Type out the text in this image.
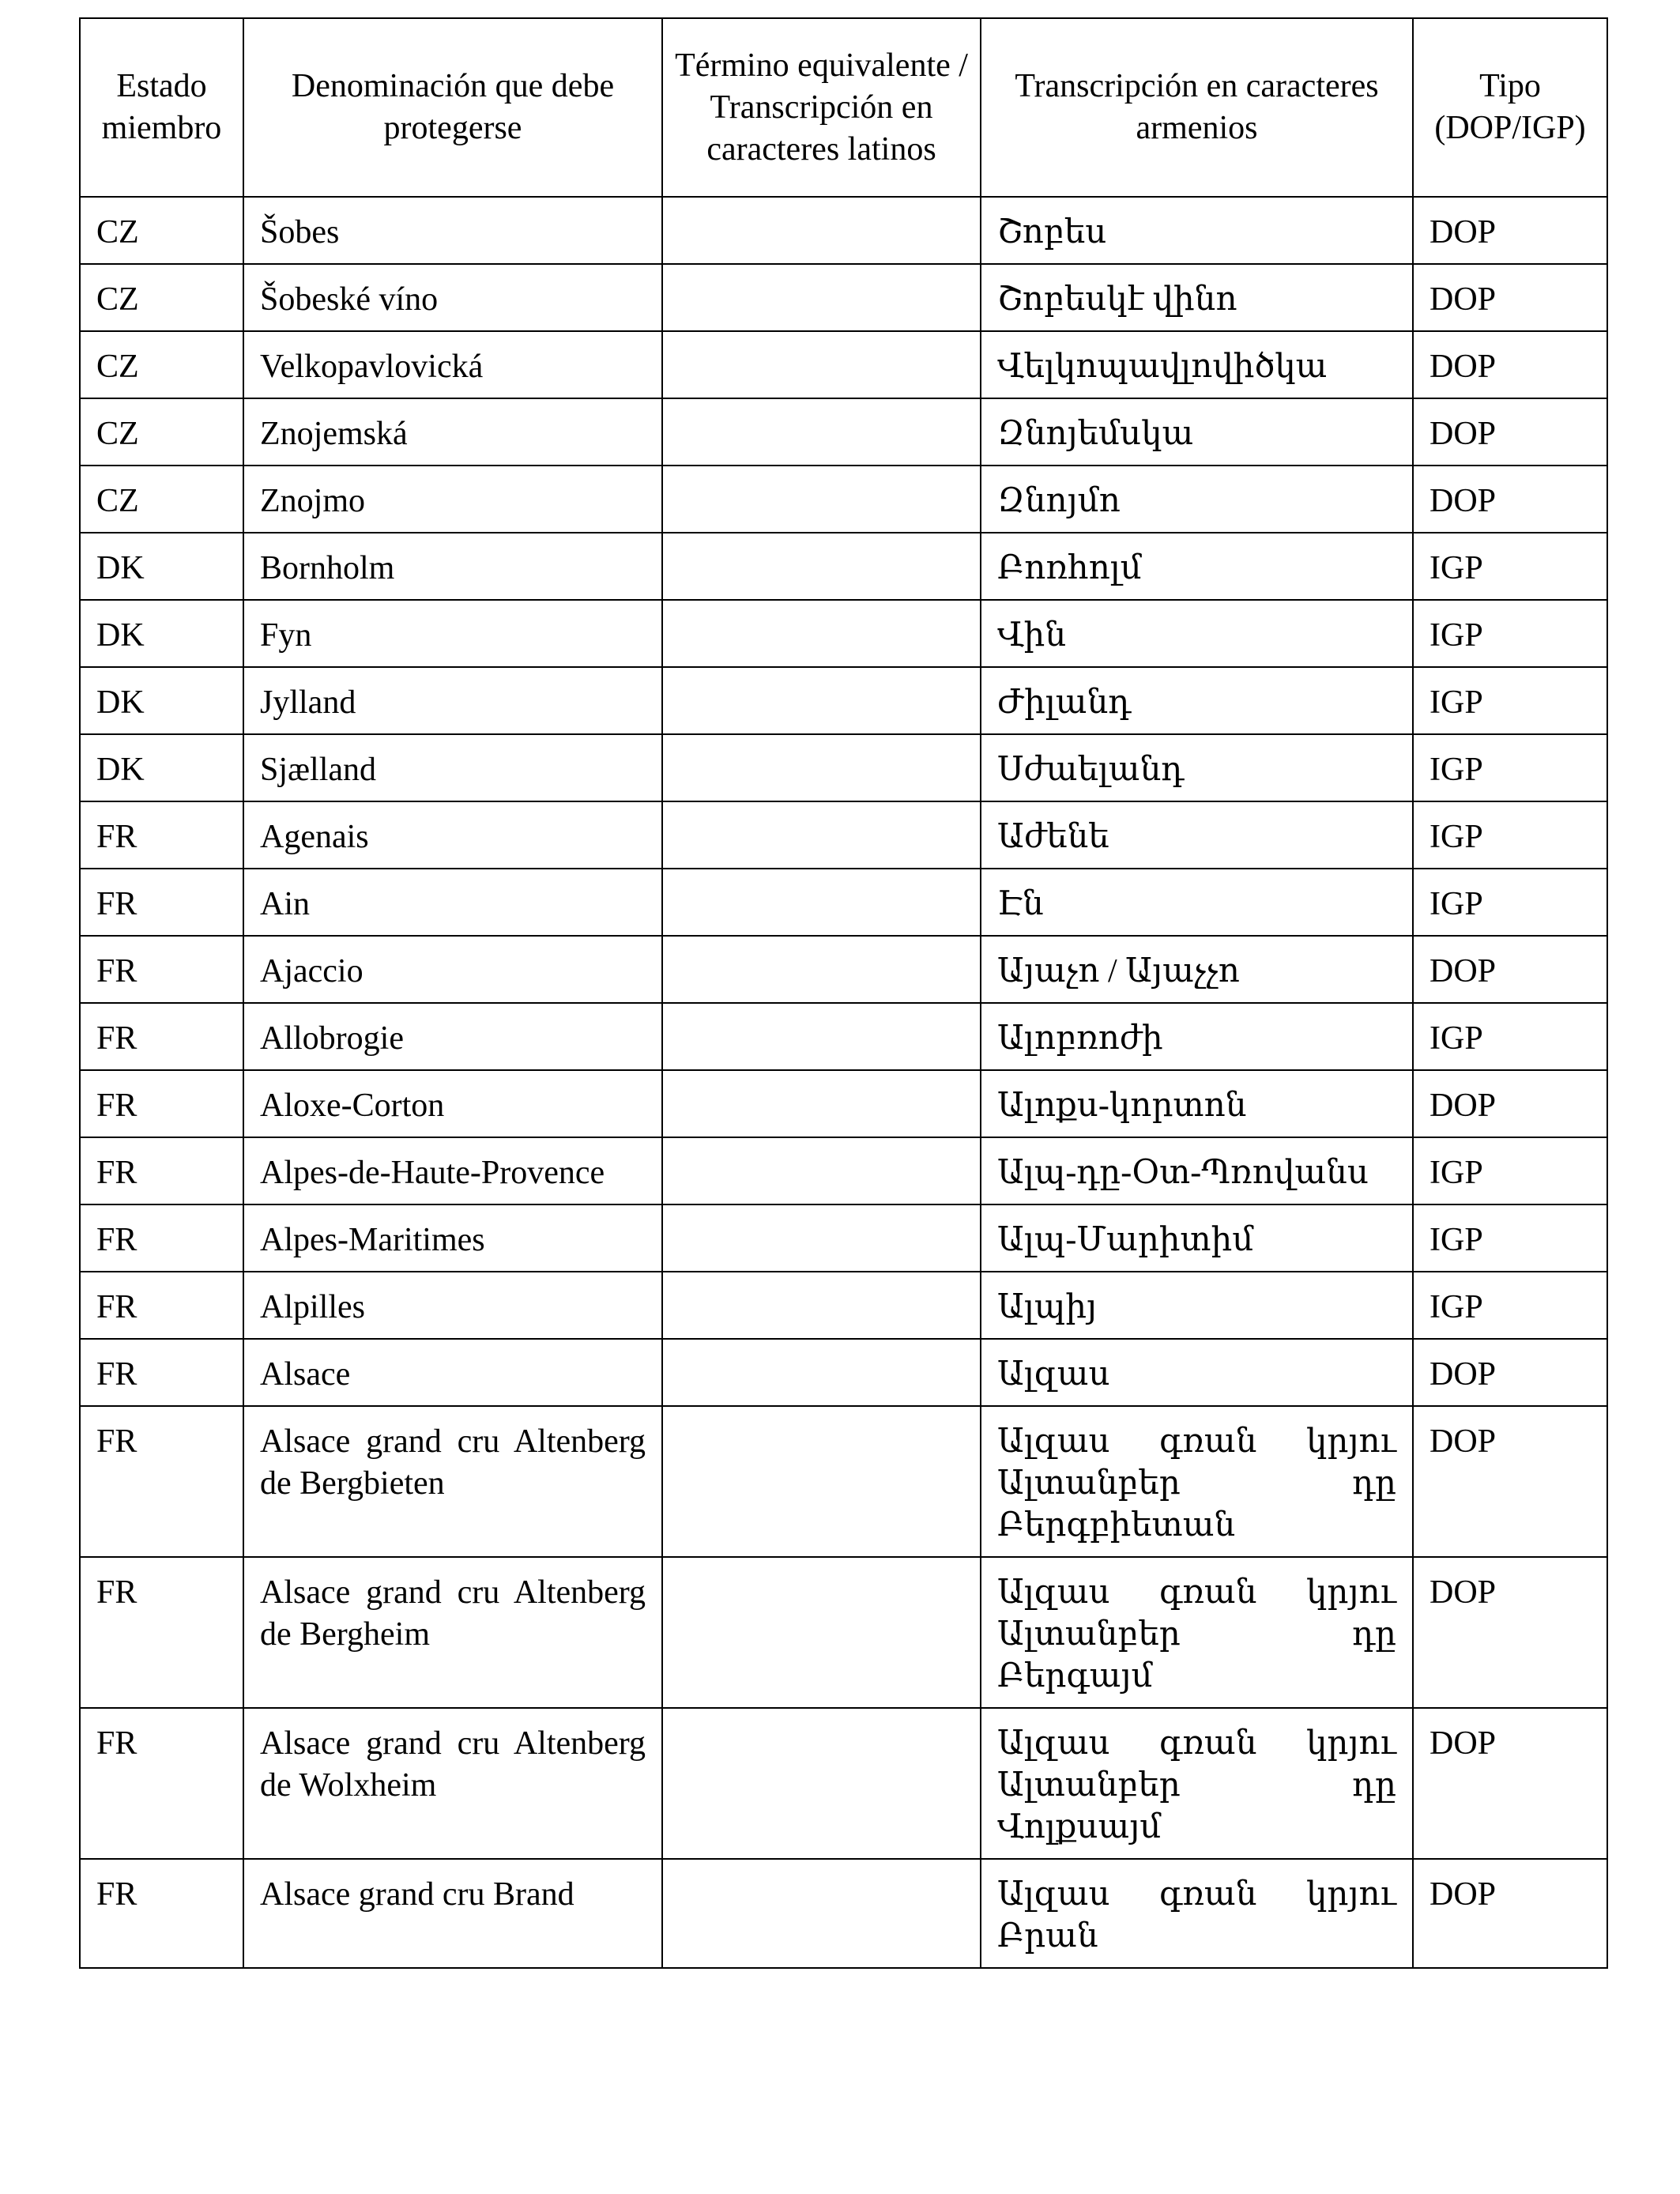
Estado miembro	Denominación que debe protegerse	Término equivalente / Transcripción en caracteres latinos	Transcripción en caracteres armenios	Tipo (DOP/IGP)
CZ	Šobes		Շոբես	DOP
CZ	Šobeské víno		Շոբեսկէ վինո	DOP
CZ	Velkopavlovická		Վելկոպավլովիծկա	DOP
CZ	Znojemská		Զնոյեմսկա	DOP
CZ	Znojmo		Զնոյմո	DOP
DK	Bornholm		Բոռհոլմ	IGP
DK	Fyn		Վին	IGP
DK	Jylland		Ժիլանդ	IGP
DK	Sjælland		Սժաելանդ	IGP
FR	Agenais		Աժենե	IGP
FR	Ain		Էն	IGP
FR	Ajaccio		Այաչո / Այաչչո	DOP
FR	Allobrogie		Ալոբռոժի	IGP
FR	Aloxe-Corton		Ալոքս-կորտոն	DOP
FR	Alpes-de-Haute-Provence		Ալպ-դը-Օտ-Պռովանս	IGP
FR	Alpes-Maritimes		Ալպ-Մարիտիմ	IGP
FR	Alpilles		Ալպիյ	IGP
FR	Alsace		Ալզաս	DOP
FR	Alsace grand cru Altenberg de Bergbieten		Ալզաս գռան կրյու Ալտանբեր դը Բերգբիետան	DOP
FR	Alsace grand cru Altenberg de Bergheim		Ալզաս գռան կրյու Ալտանբեր դը Բերգայմ	DOP
FR	Alsace grand cru Altenberg de Wolxheim		Ալզաս գռան կրյու Ալտանբեր դը Վոլքսայմ	DOP
FR	Alsace grand cru Brand		Ալզաս գռան կրյու Բրան	DOP
